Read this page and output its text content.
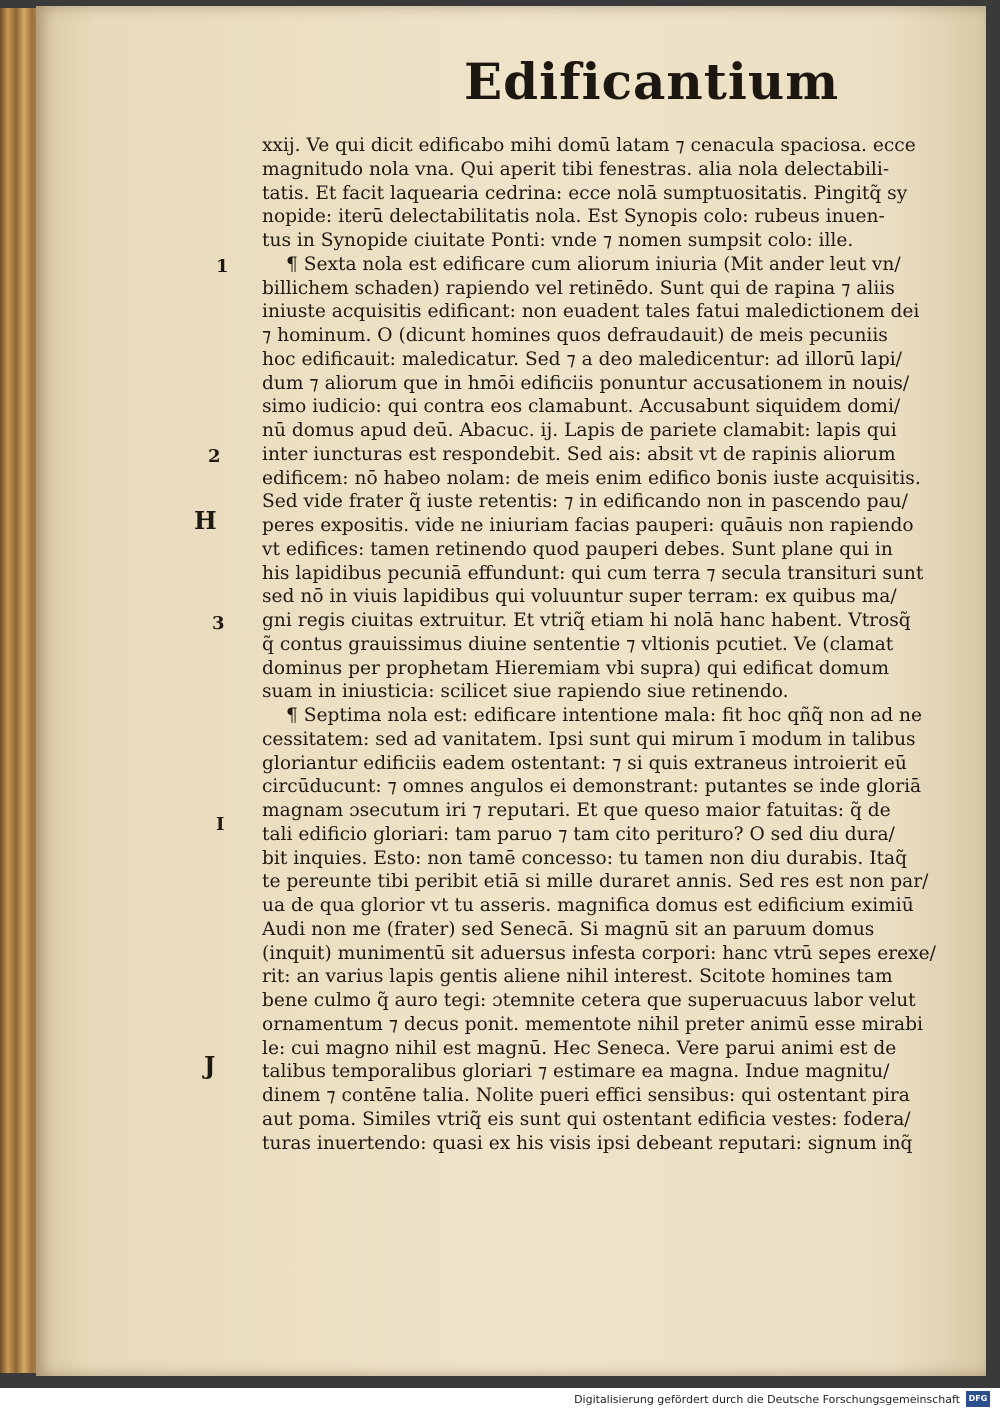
Edificantium
xxij. Ve qui dicit edificabo mihi domū latam ⁊ cenacula spaciosa. ecce
magnitudo nola vna. Qui aperit tibi fenestras. alia nola delectabili-
tatis. Et facit laquearia cedrina: ecce nolā sumptuositatis. Pingitq̃ sy
nopide: iterū delectabilitatis nola. Est Synopis colo: rubeus inuen-
tus in Synopide ciuitate Ponti: vnde ⁊ nomen sumpsit colo: ille.
¶ Sexta nola est edificare cum aliorum iniuria (Mit ander leut vn/
billichem schaden) rapiendo vel retinēdo. Sunt qui de rapina ⁊ aliis
iniuste acquisitis edificant: non euadent tales fatui maledictionem dei
⁊ hominum. O (dicunt homines quos defraudauit) de meis pecuniis
hoc edificauit: maledicatur. Sed ⁊ a deo maledicentur: ad illorū lapi/
dum ⁊ aliorum que in hmōi edificiis ponuntur accusationem in nouis/
simo iudicio: qui contra eos clamabunt. Accusabunt siquidem domi/
nū domus apud deū. Abacuc. ij. Lapis de pariete clamabit: lapis qui
inter iuncturas est respondebit. Sed ais: absit vt de rapinis aliorum
edificem: nō habeo nolam: de meis enim edifico bonis iuste acquisitis.
Sed vide frater q̃ iuste retentis: ⁊ in edificando non in pascendo pau/
peres expositis. vide ne iniuriam facias pauperi: quāuis non rapiendo
vt edifices: tamen retinendo quod pauperi debes. Sunt plane qui in
his lapidibus pecuniā effundunt: qui cum terra ⁊ secula transituri sunt
sed nō in viuis lapidibus qui voluuntur super terram: ex quibus ma/
gni regis ciuitas extruitur. Et vtriq̃ etiam hi nolā hanc habent. Vtrosq̃
q̃ contus grauissimus diuine sententie ⁊ vltionis pcutiet. Ve (clamat
dominus per prophetam Hieremiam vbi supra) qui edificat domum
suam in iniusticia: scilicet siue rapiendo siue retinendo.
¶ Septima nola est: edificare intentione mala: fit hoc qñq̃ non ad ne
cessitatem: sed ad vanitatem. Ipsi sunt qui mirum ī modum in talibus
gloriantur edificiis eadem ostentant: ⁊ si quis extraneus introierit eū
circūducunt: ⁊ omnes angulos ei demonstrant: putantes se inde gloriā
magnam ɔsecutum iri ⁊ reputari. Et que queso maior fatuitas: q̃ de
tali edificio gloriari: tam paruo ⁊ tam cito perituro? O sed diu dura/
bit inquies. Esto: non tamē concesso: tu tamen non diu durabis. Itaq̃
te pereunte tibi peribit etiā si mille duraret annis. Sed res est non par/
ua de qua glorior vt tu asseris. magnifica domus est edificium eximiū
Audi non me (frater) sed Senecā. Si magnū sit an paruum domus
(inquit) munimentū sit aduersus infesta corpori: hanc vtrū sepes erexe/
rit: an varius lapis gentis aliene nihil interest. Scitote homines tam
bene culmo q̃ auro tegi: ɔtemnite cetera que superuacuus labor velut
ornamentum ⁊ decus ponit. mementote nihil preter animū esse mirabi
le: cui magno nihil est magnū. Hec Seneca. Vere parui animi est de
talibus temporalibus gloriari ⁊ estimare ea magna. Indue magnitu/
dinem ⁊ contēne talia. Nolite pueri effici sensibus: qui ostentant pira
aut poma. Similes vtriq̃ eis sunt qui ostentant edificia vestes: fodera/
turas inuertendo: quasi ex his visis ipsi debeant reputari: signum inq̃
1
2
H
3
I
J
Digitalisierung gefördert durch die Deutsche Forschungsgemeinschaft	DFG
